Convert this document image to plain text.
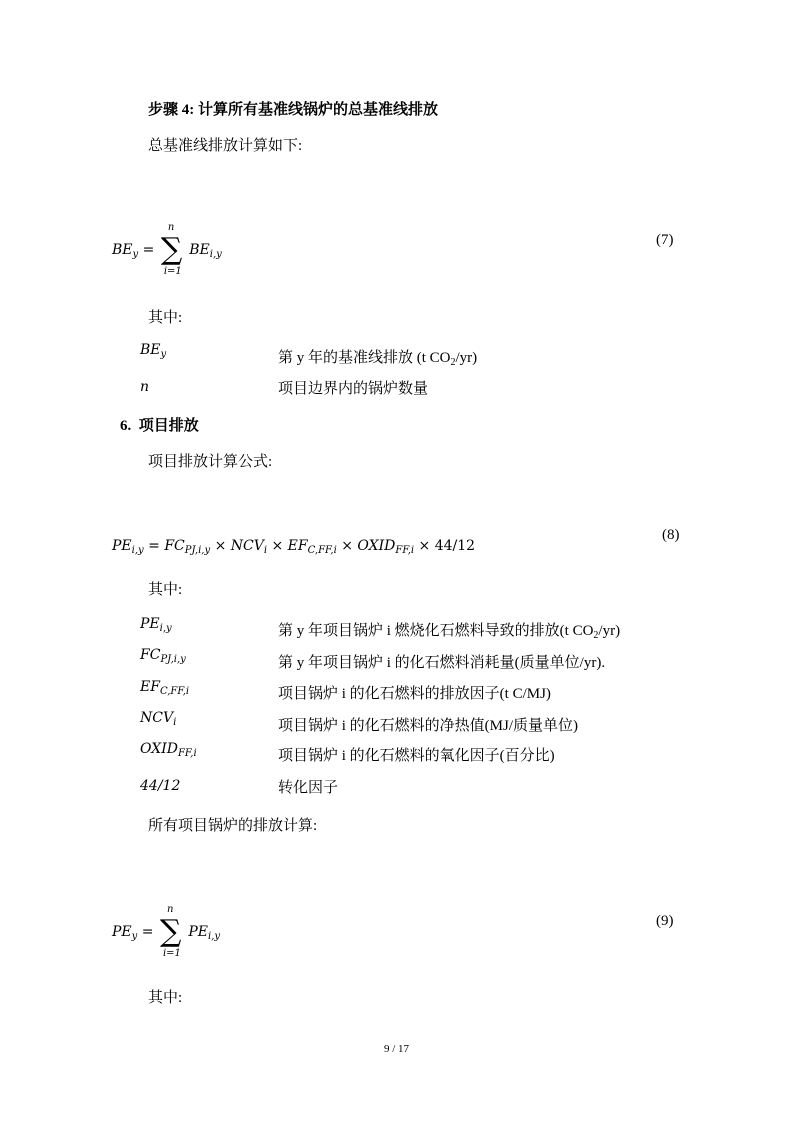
步骤 4: 计算所有基准线锅炉的总基准线排放
总基准线排放计算如下:
$BE_y$ =
n
∑
i=1
$BE_{i,y}$
(7)
其中:
$BE_y$	第 y 年的基准线排放 (t $CO_2/yr$)
n	项目边界内的锅炉数量
6. 项目排放
项目排放计算公式:
$PE_{i,y} = FC_{PJ,i,y} \times NCV_i \times EF_{C,FF,i}$ × $OXID_{FF,i} \times 44/12$
(8)
其中:
$PE_{i,y}$	第 y 年项目锅炉 i 燃烧化石燃料导致的排放(t $CO_2/yr$)
$FC_{PJ,i,y}$	第 y 年项目锅炉 i 的化石燃料消耗量(质量单位/yr).
$EF_{C,FF,i}$	项目锅炉 i 的化石燃料的排放因子(t C/MJ)
$NCV_i$	项目锅炉 i 的化石燃料的净热值(MJ/质量单位)
$OXID_{FF,i}$	项目锅炉 i 的化石燃料的氧化因子(百分比)
44/12	转化因子
所有项目锅炉的排放计算:
$PE_y$ =
n
∑
i=1
$PE_{i,y}$
(9)
其中:
9 / 17
